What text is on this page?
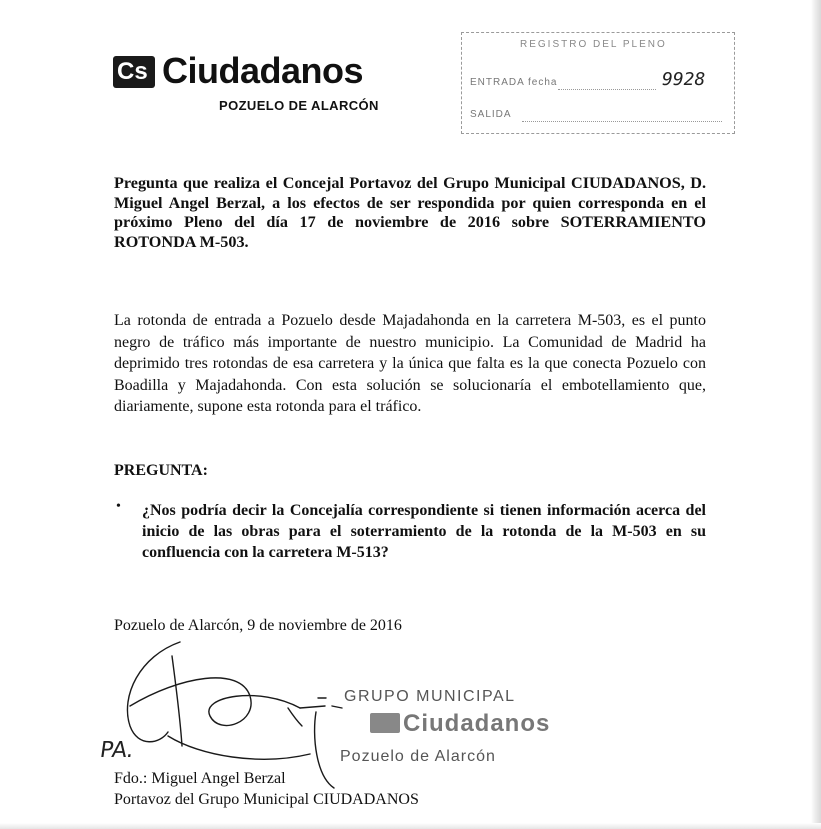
Cs Ciudadanos
POZUELO DE ALARCÓN
REGISTRO DEL PLENO
ENTRADA fecha	9928
SALIDA
Pregunta que realiza el Concejal Portavoz del Grupo Municipal CIUDADANOS, D. Miguel Angel Berzal, a los efectos de ser respondida por quien corresponda en el próximo Pleno del día 17 de noviembre de 2016 sobre SOTERRAMIENTO ROTONDA M-503.
La rotonda de entrada a Pozuelo desde Majadahonda en la carretera M-503, es el punto negro de tráfico más importante de nuestro municipio. La Comunidad de Madrid ha deprimido tres rotondas de esa carretera y la única que falta es la que conecta Pozuelo con Boadilla y Majadahonda. Con esta solución se solucionaría el embotellamiento que, diariamente, supone esta rotonda para el tráfico.
PREGUNTA:
• ¿Nos podría decir la Concejalía correspondiente si tienen información acerca del inicio de las obras para el soterramiento de la rotonda de la M-503 en su confluencia con la carretera M-513?
Pozuelo de Alarcón, 9 de noviembre de 2016
PA.
Fdo.: Miguel Angel Berzal
Portavoz del Grupo Municipal CIUDADANOS
GRUPO MUNICIPAL
Ciudadanos
Pozuelo de Alarcón
